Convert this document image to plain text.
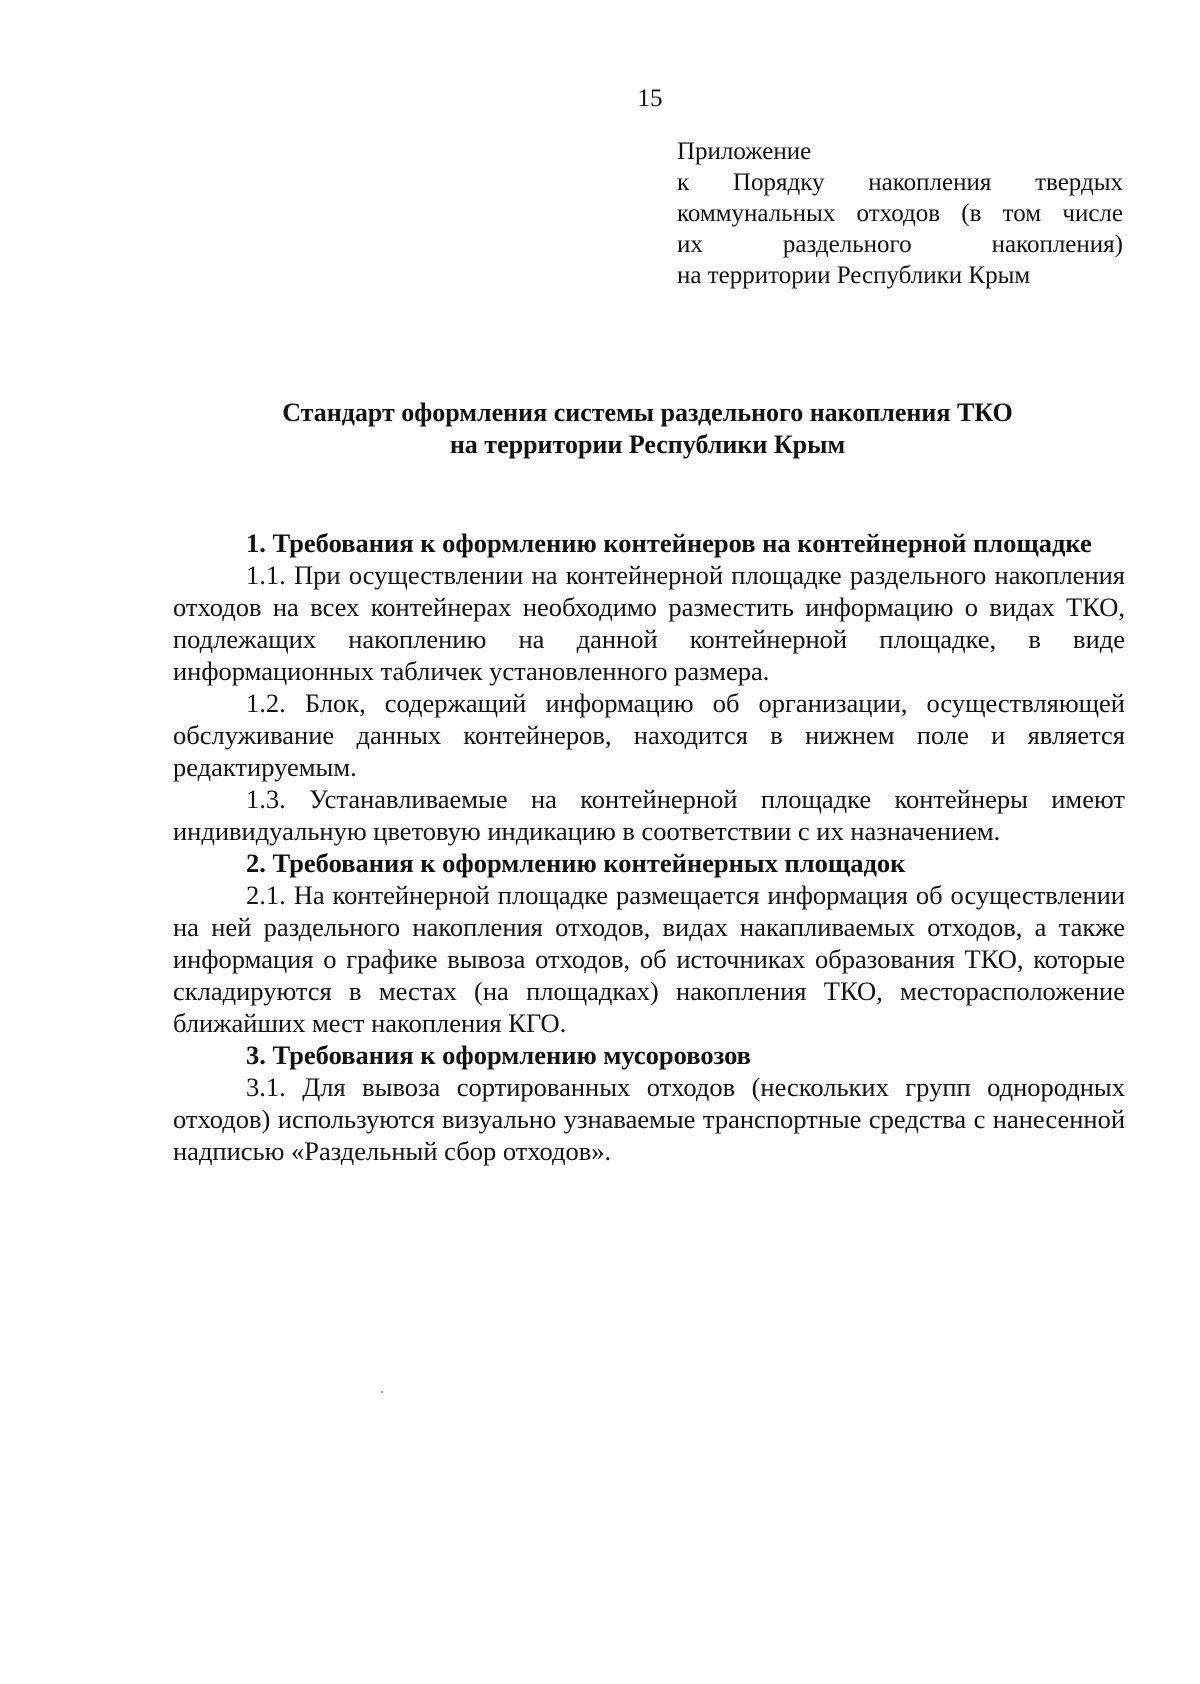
15
Приложение
к Порядку накопления твердых
коммунальных отходов (в том числе
их раздельного накопления)
на территории Республики Крым
Стандарт оформления системы раздельного накопления ТКО
на территории Республики Крым

1. Требования к оформлению контейнеров на контейнерной площадке

1.1. При осуществлении на контейнерной площадке раздельного накопления отходов на всех контейнерах необходимо разместить информацию о видах ТКО, подлежащих накоплению на данной контейнерной площадке, в виде информационных табличек установленного размера.

1.2. Блок, содержащий информацию об организации, осуществляющей обслуживание данных контейнеров, находится в нижнем поле и является редактируемым.

1.3. Устанавливаемые на контейнерной площадке контейнеры имеют индивидуальную цветовую индикацию в соответствии с их назначением.

2. Требования к оформлению контейнерных площадок

2.1. На контейнерной площадке размещается информация об осуществлении на ней раздельного накопления отходов, видах накапливаемых отходов, а также информация о графике вывоза отходов, об источниках образования ТКО, которые складируются в местах (на площадках) накопления ТКО, месторасположение ближайших мест накопления КГО.

3. Требования к оформлению мусоровозов

3.1. Для вывоза сортированных отходов (нескольких групп однородных отходов) используются визуально узнаваемые транспортные средства с нанесенной надписью «Раздельный сбор отходов».
